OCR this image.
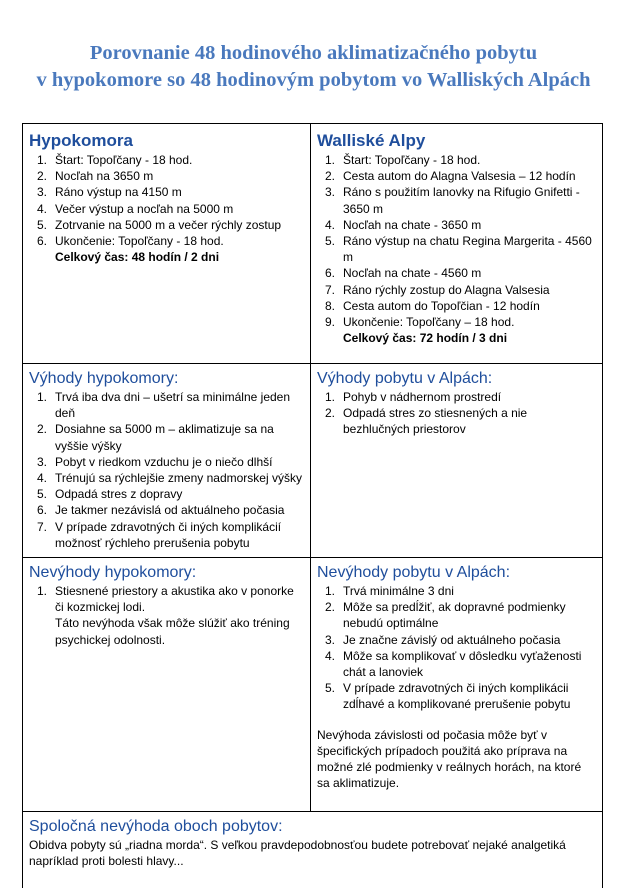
Porovnanie 48 hodinového aklimatizačného pobytu
v hypokomore so 48 hodinovým pobytom vo Walliských Alpách
Hypokomora
1. Štart: Topoľčany - 18 hod.
2. Nocľah na 3650 m
3. Ráno výstup na 4150 m
4. Večer výstup a nocľah na 5000 m
5. Zotrvanie na 5000 m a večer rýchly zostup
6. Ukončenie: Topoľčany - 18 hod.
Celkový čas: 48 hodín / 2 dni
Walliské Alpy
1. Štart: Topoľčany - 18 hod.
2. Cesta autom do Alagna Valsesia – 12 hodín
3. Ráno s použitím lanovky na Rifugio Gnifetti - 3650 m
4. Nocľah na chate - 3650 m
5. Ráno výstup na chatu Regina Margerita - 4560 m
6. Nocľah na chate - 4560 m
7. Ráno rýchly zostup do Alagna Valsesia
8. Cesta autom do Topoľčian - 12 hodín
9. Ukončenie: Topoľčany – 18 hod.
Celkový čas: 72 hodín / 3 dni
Výhody hypokomory:
1. Trvá iba dva dni – ušetrí sa minimálne jeden deň
2. Dosiahne sa 5000 m – aklimatizuje sa na vyššie výšky
3. Pobyt v riedkom vzduchu je o niečo dlhší
4. Trénujú sa rýchlejšie zmeny nadmorskej výšky
5. Odpadá stres z dopravy
6. Je takmer nezávislá od aktuálneho počasia
7. V prípade zdravotných či iných komplikácií možnosť rýchleho prerušenia pobytu
Výhody pobytu v Alpách:
1. Pohyb v nádhernom prostredí
2. Odpadá stres zo stiesnených a nie bezhlučných priestorov
Nevýhody hypokomory:
1. Stiesnené priestory a akustika ako v ponorke či kozmickej lodi.
Táto nevýhoda však môže slúžiť ako tréning psychickej odolnosti.
Nevýhody pobytu v Alpách:
1. Trvá minimálne 3 dni
2. Môže sa predĺžiť, ak dopravné podmienky nebudú optimálne
3. Je značne závislý od aktuálneho počasia
4. Môže sa komplikovať v dôsledku vyťaženosti chát a lanoviek
5. V prípade zdravotných či iných komplikácii zdĺhavé a komplikované prerušenie pobytu
Nevýhoda závislosti od počasia môže byť v špecifických prípadoch použitá ako príprava na možné zlé podmienky v reálnych horách, na ktoré sa aklimatizuje.
Spoločná nevýhoda oboch pobytov:

Obidva pobyty sú „riadna morda“. S veľkou pravdepodobnosťou budete potrebovať nejaké analgetiká napríklad proti bolesti hlavy...
